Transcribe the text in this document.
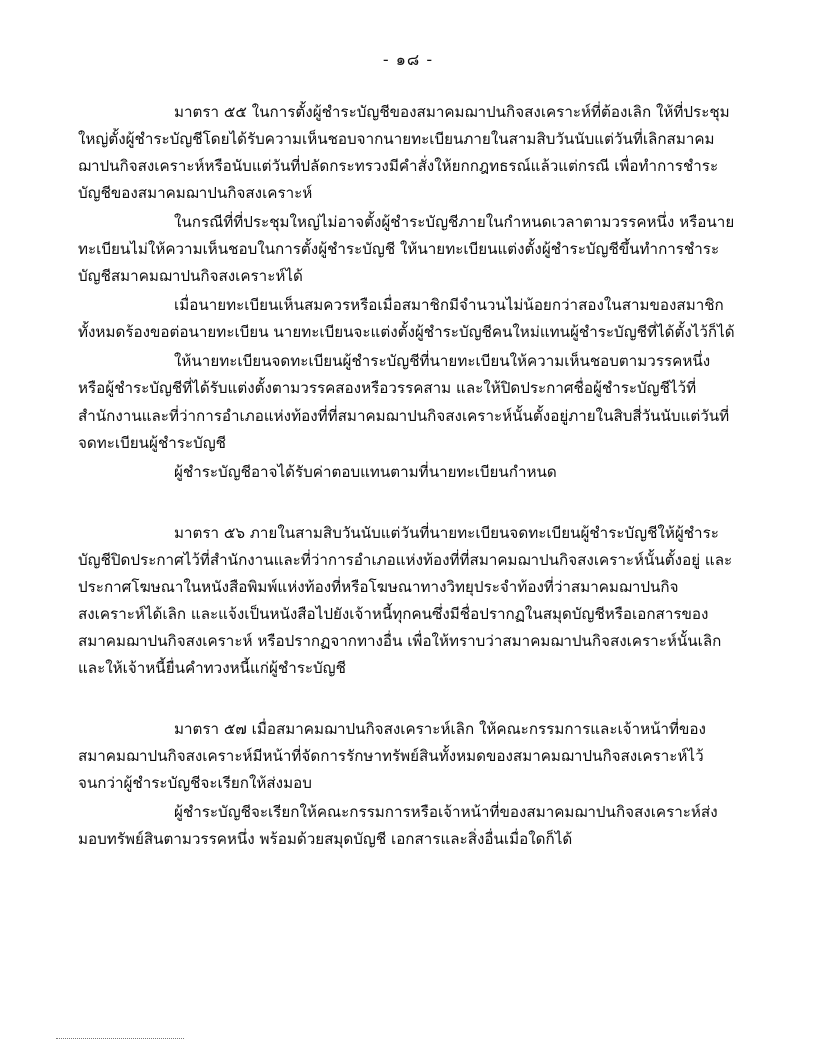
- ๑๘ -

มาตรา ๕๕ ในการตั้งผู้ชำระบัญชีของสมาคมฌาปนกิจสงเคราะห์ที่ต้องเลิก ให้ที่ประชุมใหญ่ตั้งผู้ชำระบัญชีโดยได้รับความเห็นชอบจากนายทะเบียนภายในสามสิบวันนับแต่วันที่เลิกสมาคมฌาปนกิจสงเคราะห์หรือนับแต่วันที่ปลัดกระทรวงมีคำสั่งให้ยกกฎทธรณ์แล้วแต่กรณี เพื่อทำการชำระบัญชีของสมาคมฌาปนกิจสงเคราะห์

ในกรณีที่ที่ประชุมใหญ่ไม่อาจตั้งผู้ชำระบัญชีภายในกำหนดเวลาตามวรรคหนึ่ง หรือนายทะเบียนไม่ให้ความเห็นชอบในการตั้งผู้ชำระบัญชี ให้นายทะเบียนแต่งตั้งผู้ชำระบัญชีขึ้นทำการชำระบัญชีสมาคมฌาปนกิจสงเคราะห์ได้

เมื่อนายทะเบียนเห็นสมควรหรือเมื่อสมาชิกมีจำนวนไม่น้อยกว่าสองในสามของสมาชิกทั้งหมดร้องขอต่อนายทะเบียน นายทะเบียนจะแต่งตั้งผู้ชำระบัญชีคนใหม่แทนผู้ชำระบัญชีที่ได้ตั้งไว้ก็ได้

ให้นายทะเบียนจดทะเบียนผู้ชำระบัญชีที่นายทะเบียนให้ความเห็นชอบตามวรรคหนึ่ง หรือผู้ชำระบัญชีที่ได้รับแต่งตั้งตามวรรคสองหรือวรรคสาม และให้ปิดประกาศชื่อผู้ชำระบัญชีไว้ที่สำนักงานและที่ว่าการอำเภอแห่งท้องที่ที่สมาคมฌาปนกิจสงเคราะห์นั้นตั้งอยู่ภายในสิบสี่วันนับแต่วันที่จดทะเบียนผู้ชำระบัญชี

ผู้ชำระบัญชีอาจได้รับค่าตอบแทนตามที่นายทะเบียนกำหนด

มาตรา ๕๖ ภายในสามสิบวันนับแต่วันที่นายทะเบียนจดทะเบียนผู้ชำระบัญชีให้ผู้ชำระบัญชีปิดประกาศไว้ที่สำนักงานและที่ว่าการอำเภอแห่งท้องที่ที่สมาคมฌาปนกิจสงเคราะห์นั้นตั้งอยู่ และประกาศโฆษณาในหนังสือพิมพ์แห่งท้องที่หรือโฆษณาทางวิทยุประจำท้องที่ว่าสมาคมฌาปนกิจสงเคราะห์ได้เลิก และแจ้งเป็นหนังสือไปยังเจ้าหนี้ทุกคนซึ่งมีชื่อปรากฏในสมุดบัญชีหรือเอกสารของสมาคมฌาปนกิจสงเคราะห์ หรือปรากฏจากทางอื่น เพื่อให้ทราบว่าสมาคมฌาปนกิจสงเคราะห์นั้นเลิกและให้เจ้าหนี้ยื่นคำทวงหนี้แก่ผู้ชำระบัญชี

มาตรา ๕๗ เมื่อสมาคมฌาปนกิจสงเคราะห์เลิก ให้คณะกรรมการและเจ้าหน้าที่ของสมาคมฌาปนกิจสงเคราะห์มีหน้าที่จัดการรักษาทรัพย์สินทั้งหมดของสมาคมฌาปนกิจสงเคราะห์ไว้จนกว่าผู้ชำระบัญชีจะเรียกให้ส่งมอบ

ผู้ชำระบัญชีจะเรียกให้คณะกรรมการหรือเจ้าหน้าที่ของสมาคมฌาปนกิจสงเคราะห์ส่งมอบทรัพย์สินตามวรรคหนึ่ง พร้อมด้วยสมุดบัญชี เอกสารและสิ่งอื่นเมื่อใดก็ได้
